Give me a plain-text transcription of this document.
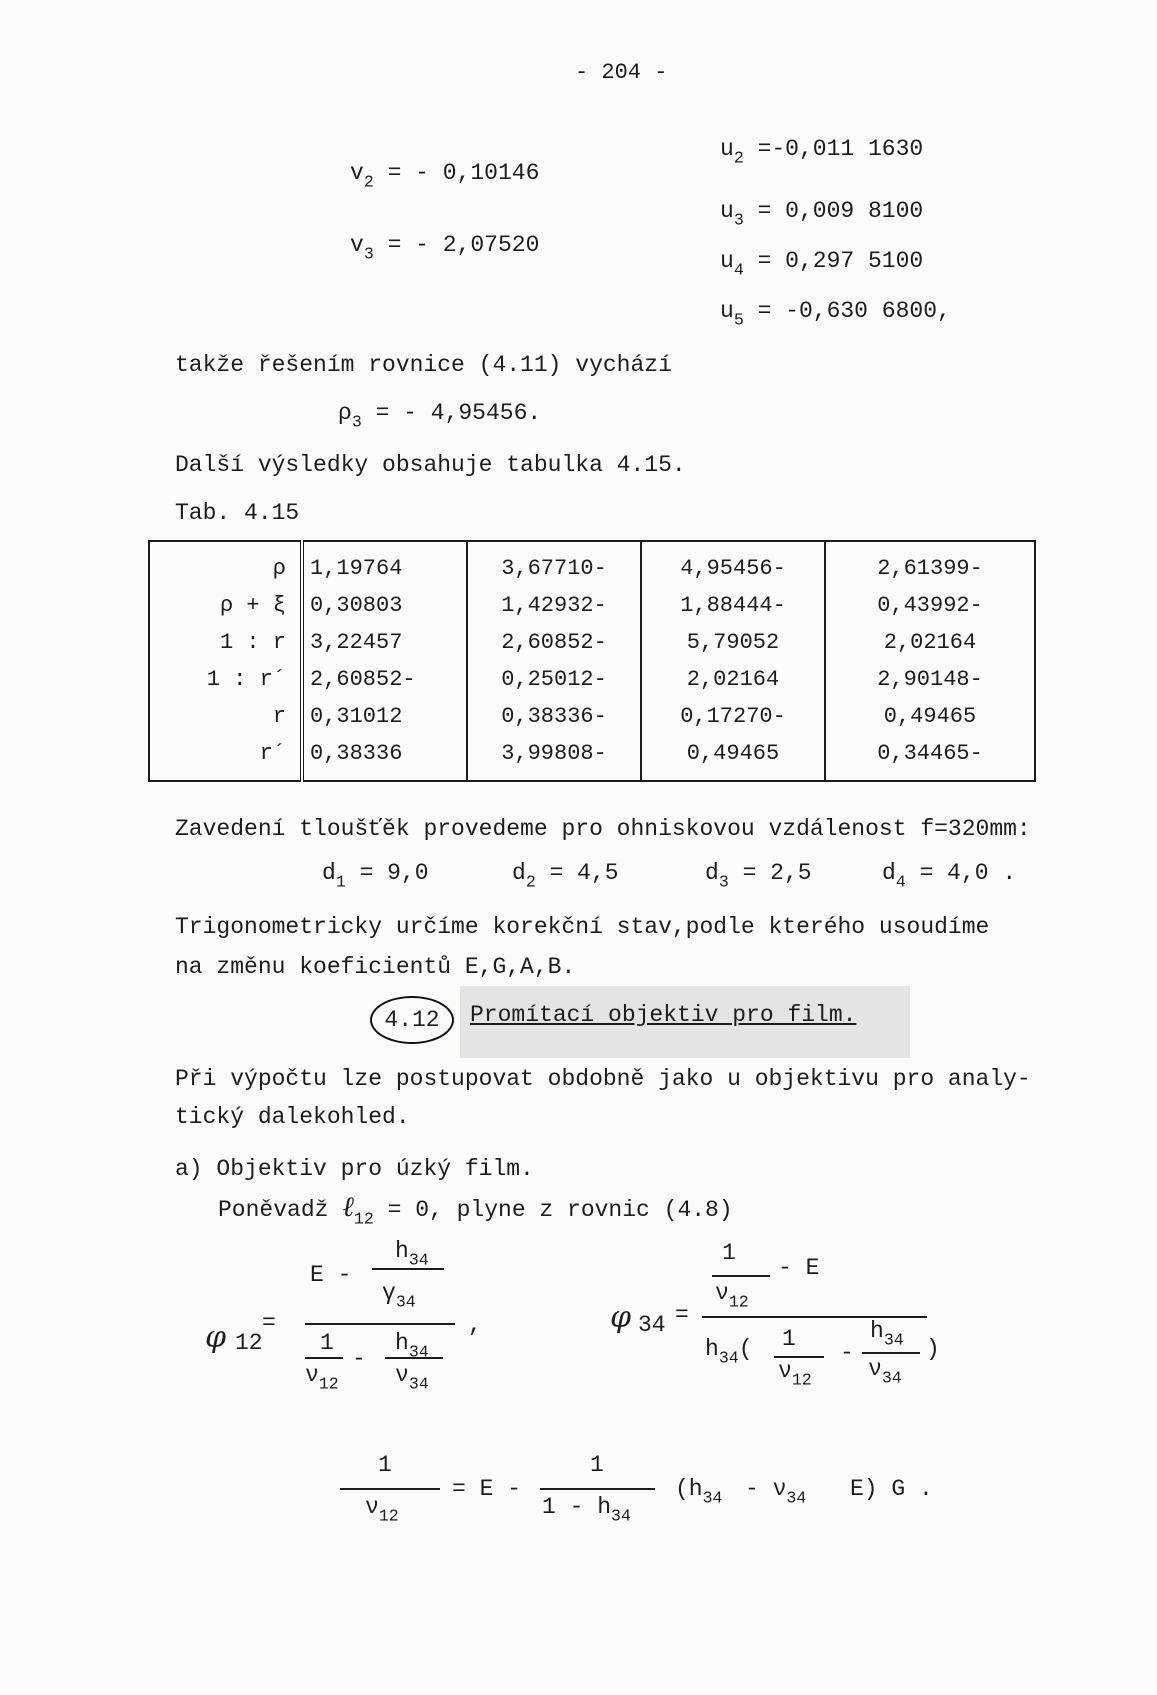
- 204 -
$v_2$ = - 0,10146
$v_3$ = - 2,07520
$u_2 =-0,011$ 1630
$u_3 = 0,009$ 8100
$u_4 = 0,297$ 5100
$u_5 = -0,630$ 6800,
takže řešením rovnice (4.11) vychází
$\rho_3$ = - 4,95456.
Další výsledky obsahuje tabulka 4.15.
Tab. 4.15
ρ	1,19764	3,67710-	4,95456-	2,61399-
ρ + ξ	0,30803	1,42932-	1,88444-	0,43992-
1 : r	3,22457	2,60852-	5,79052	2,02164
1 : r´	2,60852-	0,25012-	2,02164	2,90148-
r	0,31012	0,38336-	0,17270-	0,49465
r´	0,38336	3,99808-	0,49465	0,34465-
Zavedení tloušťěk provedeme pro ohniskovou vzdálenost f=320mm:
$d_1 = 9,0$	$d_2 = 4,5$	$d_3 = 2,5$	$d_4 = 4,0$ .
Trigonometricky určíme korekční stav,podle kterého usoudíme
na změnu koeficientů E,G,A,B.
4.12	Promítací objektiv pro film.
Při výpočtu lze postupovat obdobně jako u objektivu pro analy-
tický dalekohled.
a) Objektiv pro úzký film.
Poněvadž ℓ$_{12}$ = 0, plyne z rovnic (4.8)
φ 12
=
E -
$h_{34}$
$\gamma_{34}$
1
$\nu_{12}$
-
$h_{34}$
$\nu_{34}$
,	φ 34 =
1
$\nu_{12}$
- E
$h_{34}$( 1
$\nu_{12}$
-
$h_{34}$
$\nu_{34}$
)
1
$\nu_{12}$
= E -
1
$1 - h_{34}$
($h_{34} - \nu_{34}$ E) G .
